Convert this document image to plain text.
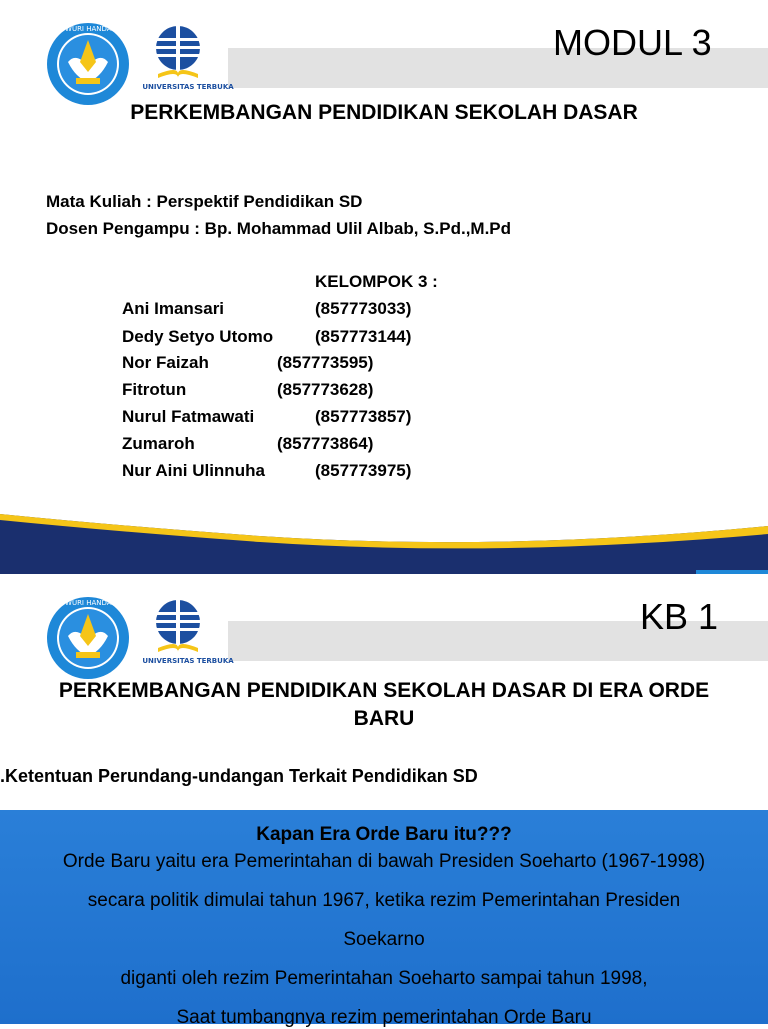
TUT WURI HANDAYANI
UNIVERSITAS TERBUKA
MODUL 3
PERKEMBANGAN PENDIDIKAN SEKOLAH DASAR
Mata Kuliah : Perspektif Pendidikan SD
Dosen Pengampu : Bp. Mohammad Ulil Albab, S.Pd.,M.Pd
KELOMPOK 3 :
Ani Imansari	(857773033)
Dedy Setyo Utomo (857773144)
Nor Faizah	(857773595)
Fitrotun	(857773628)
Nurul Fatmawati	(857773857)
Zumaroh	(857773864)
Nur Aini Ulinnuha	(857773975)
TUT WURI HANDAYANI
UNIVERSITAS TERBUKA
KB 1
PERKEMBANGAN PENDIDIKAN SEKOLAH DASAR DI ERA ORDE
BARU
.Ketentuan Perundang-undangan Terkait Pendidikan SD
Kapan Era Orde Baru itu???
Orde Baru yaitu era Pemerintahan di bawah Presiden Soeharto (1967-1998)
secara politik dimulai tahun 1967, ketika rezim Pemerintahan Presiden
Soekarno
diganti oleh rezim Pemerintahan Soeharto sampai tahun 1998,
Saat tumbangnya rezim pemerintahan Orde Baru
